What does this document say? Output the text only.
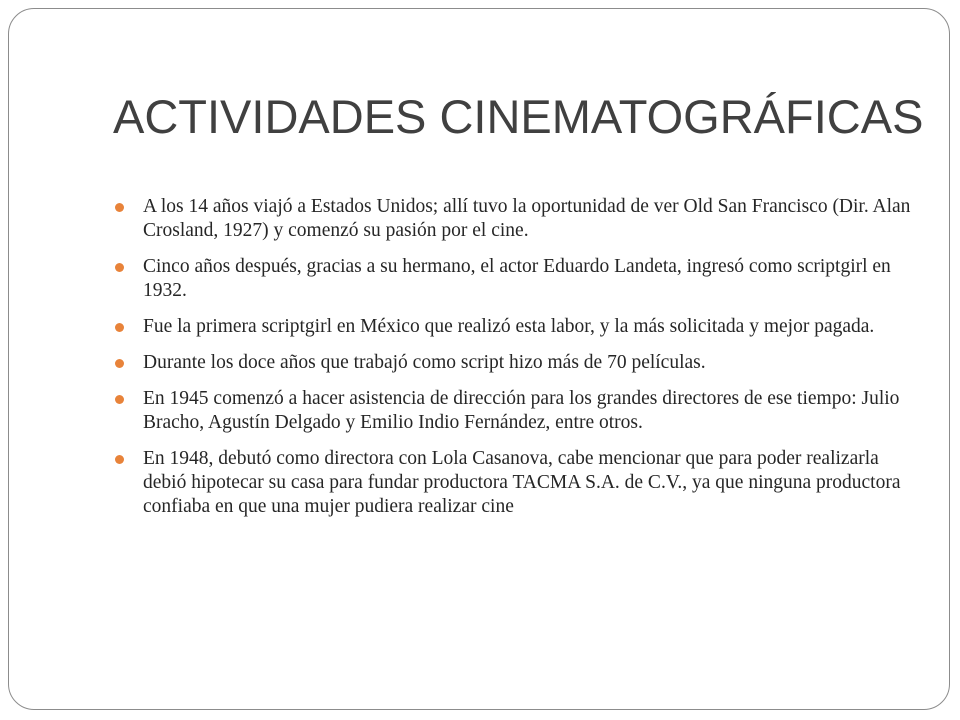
ACTIVIDADES CINEMATOGRÁFICAS
A los 14 años viajó a Estados Unidos; allí tuvo la oportunidad de ver Old San Francisco (Dir. Alan Crosland, 1927) y comenzó su pasión por el cine.
Cinco años después, gracias a su hermano, el actor Eduardo Landeta, ingresó como scriptgirl en 1932.
Fue la primera scriptgirl en México que realizó esta labor, y la más solicitada y mejor pagada.
Durante los doce años que trabajó como script hizo más de 70 películas.
En 1945 comenzó a hacer asistencia de dirección para los grandes directores de ese tiempo: Julio Bracho, Agustín Delgado y Emilio Indio Fernández, entre otros.
En 1948, debutó como directora con Lola Casanova, cabe mencionar que para poder realizarla debió hipotecar su casa para fundar productora TACMA S.A. de C.V., ya que ninguna productora confiaba en que una mujer pudiera realizar cine
